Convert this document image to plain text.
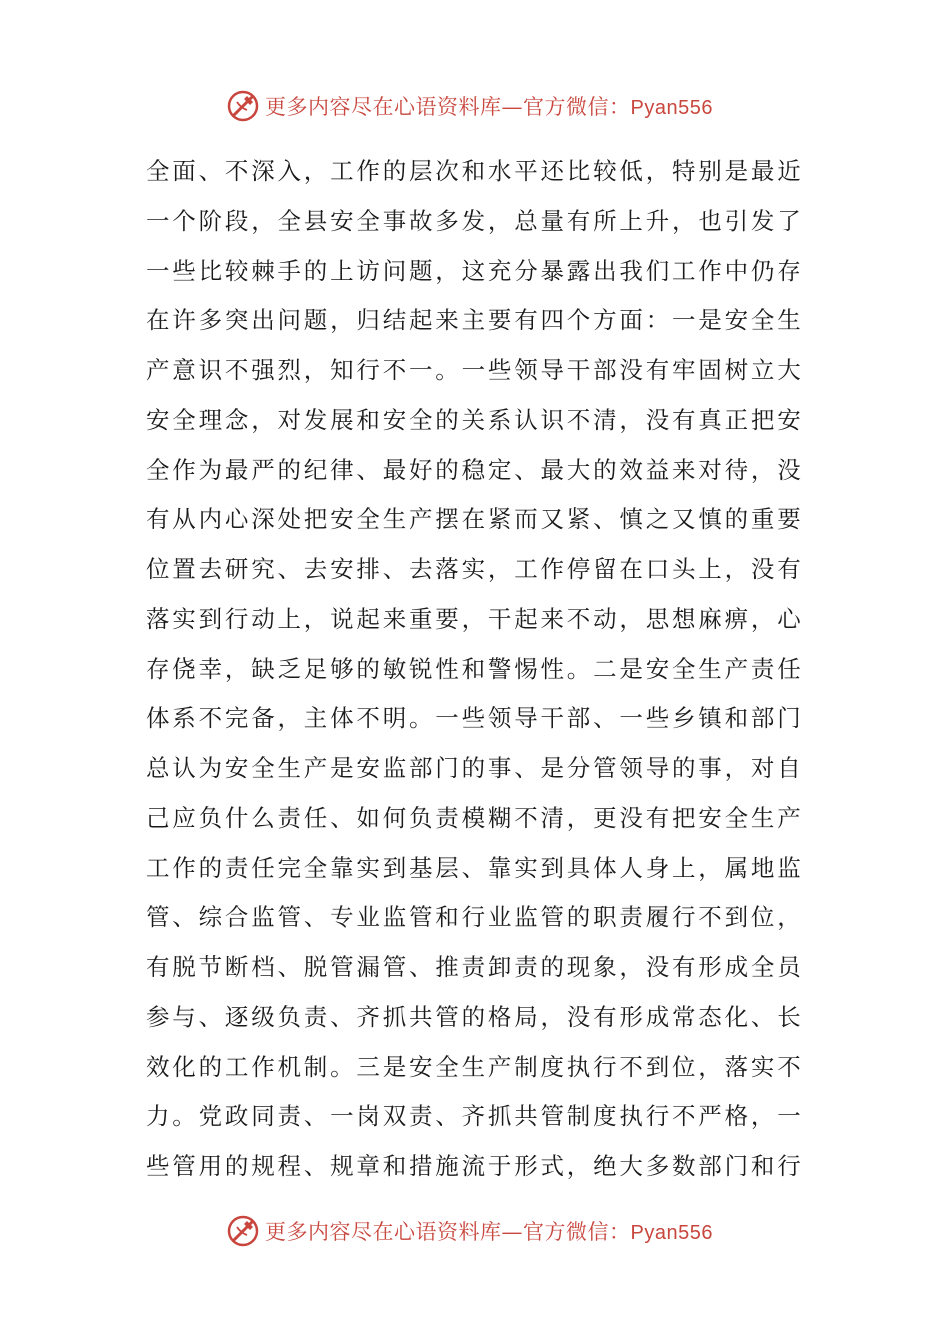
更多内容尽在心语资料库—官方微信：Pyan556
全面、不深入，工作的层次和水平还比较低，特别是最近
一个阶段，全县安全事故多发，总量有所上升，也引发了
一些比较棘手的上访问题，这充分暴露出我们工作中仍存
在许多突出问题，归结起来主要有四个方面：一是安全生
产意识不强烈，知行不一。一些领导干部没有牢固树立大
安全理念，对发展和安全的关系认识不清，没有真正把安
全作为最严的纪律、最好的稳定、最大的效益来对待，没
有从内心深处把安全生产摆在紧而又紧、慎之又慎的重要
位置去研究、去安排、去落实，工作停留在口头上，没有
落实到行动上，说起来重要，干起来不动，思想麻痹，心
存侥幸，缺乏足够的敏锐性和警惕性。二是安全生产责任
体系不完备，主体不明。一些领导干部、一些乡镇和部门
总认为安全生产是安监部门的事、是分管领导的事，对自
己应负什么责任、如何负责模糊不清，更没有把安全生产
工作的责任完全靠实到基层、靠实到具体人身上，属地监
管、综合监管、专业监管和行业监管的职责履行不到位，
有脱节断档、脱管漏管、推责卸责的现象，没有形成全员
参与、逐级负责、齐抓共管的格局，没有形成常态化、长
效化的工作机制。三是安全生产制度执行不到位，落实不
力。党政同责、一岗双责、齐抓共管制度执行不严格，一
些管用的规程、规章和措施流于形式，绝大多数部门和行
更多内容尽在心语资料库—官方微信：Pyan556
